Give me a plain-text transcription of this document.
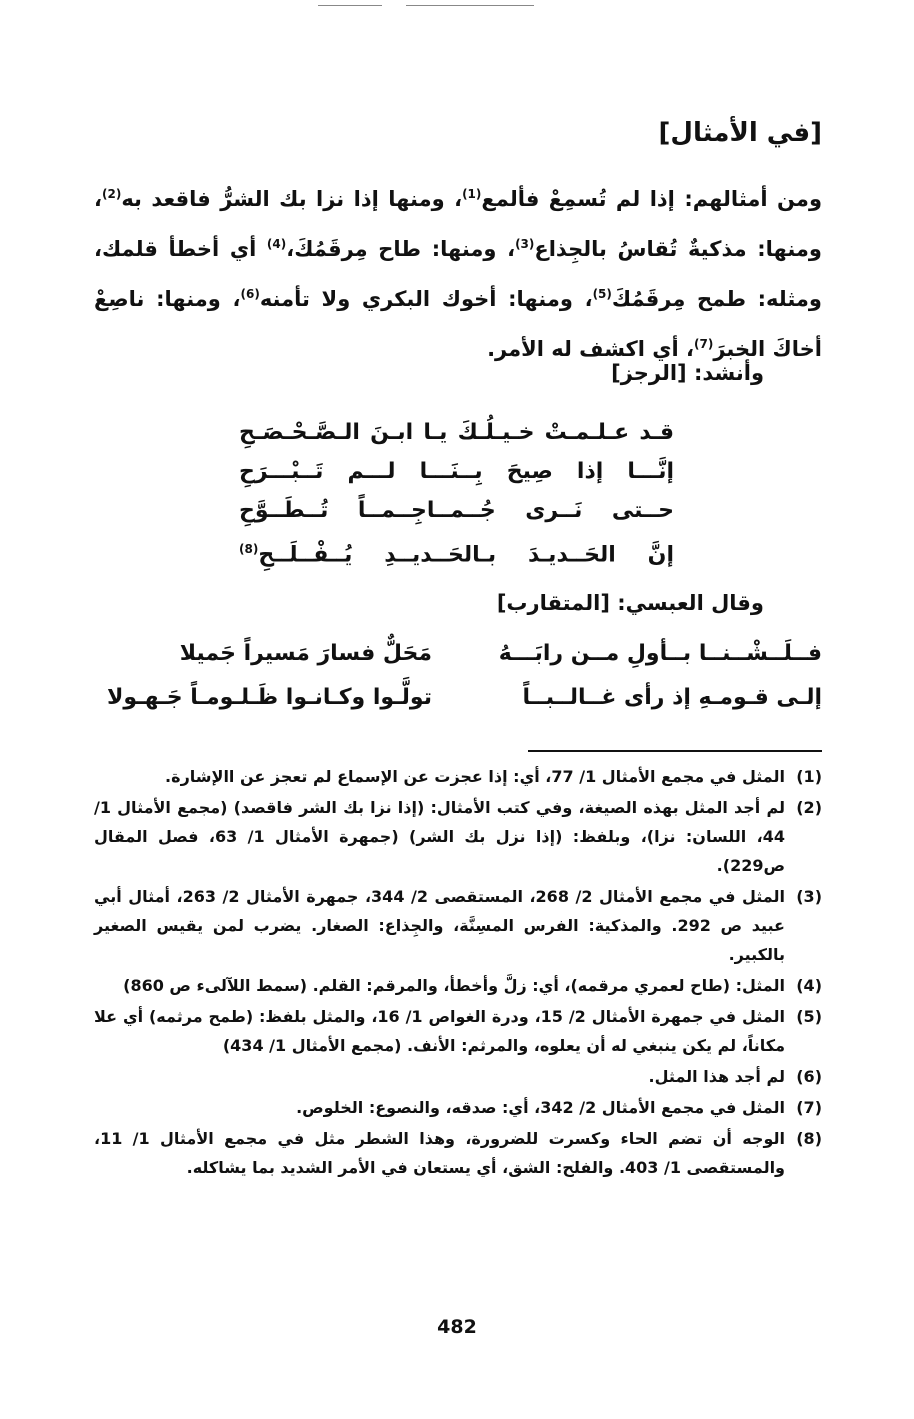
[في الأمثال]

ومن أمثالهم: إذا لم تُسمِعْ فألمع$^{(1)}$، ومنها إذا نزا بك الشرُّ فاقعد به$^{(2)}$، ومنها: مذكيةٌ تُقاسُ بالجِذاع$^{(3)}$، ومنها: طاح مِرقَمُكَ،$^{(4)}$ أي أخطأ قلمك، ومثله: طمح مِرقَمُكَ$^{(5)}$، ومنها: أخوك البكري ولا تأمنه$^{(6)}$، ومنها: ناصِعْ أخاكَ الخبرَ$^{(7)}$، أي اكشف له الأمر.

وأنشد: [الرجز]
قـد عـلـمـتْ خـيـلُـكَ يـا ابـنَ الـصَّـحْـصَـحِ
إنَّـــا إذا صِيحَ بِــنَـــا لـــم تَــبْـــرَحِ
حــتى نَــرى جُــمــاجِــمــاً تُــطَــوَّحِ
إنَّ الحَــديـدَ بـالحَــديــدِ يُــفْــلَــحِ$^{(8)}$
وقال العبسي: [المتقارب]
فــلَــشْــنــا بــأولِ مــن رابَـــهُ
مَحَلٌّ فسارَ مَسيراً جَميلا
إلـى قـومـهِ إذ رأى غــالــبــاً
تولَّـوا وكـانـوا ظَـلـومـاً جَـهـولا
(1)
المثل في مجمع الأمثال 1/ 77، أي: إذا عجزت عن الإسماع لم تعجز عن االإشارة.
(2)
لم أجد المثل بهذه الصيغة، وفي كتب الأمثال: (إذا نزا بك الشر فاقصد) (مجمع الأمثال 1/ 44، اللسان: نزا)، وبلفظ: (إذا نزل بك الشر) (جمهرة الأمثال 1/ 63، فصل المقال ص229).
(3)
المثل في مجمع الأمثال 2/ 268، المستقصى 2/ 344، جمهرة الأمثال 2/ 263، أمثال أبي عبيد ص 292. والمذكية: الفرس المسِنَّة، والجِذاع: الصغار. يضرب لمن يقيس الصغير بالكبير.
(4)
المثل: (طاح لعمري مرقمه)، أي: زلَّ وأخطأ، والمرقم: القلم. (سمط اللآلىء ص 860)
(5)
المثل في جمهرة الأمثال 2/ 15، ودرة الغواص 1/ 16، والمثل بلفظ: (طمح مرثمه) أي علا مكاناً، لم يكن ينبغي له أن يعلوه، والمرثم: الأنف. (مجمع الأمثال 1/ 434)
(6)
لم أجد هذا المثل.
(7)
المثل في مجمع الأمثال 2/ 342، أي: صدقه، والنصوع: الخلوص.
(8)
الوجه أن تضم الحاء وكسرت للضرورة، وهذا الشطر مثل في مجمع الأمثال 1/ 11، والمستقصى 1/ 403. والفلح: الشق، أي يستعان في الأمر الشديد بما يشاكله.
482
